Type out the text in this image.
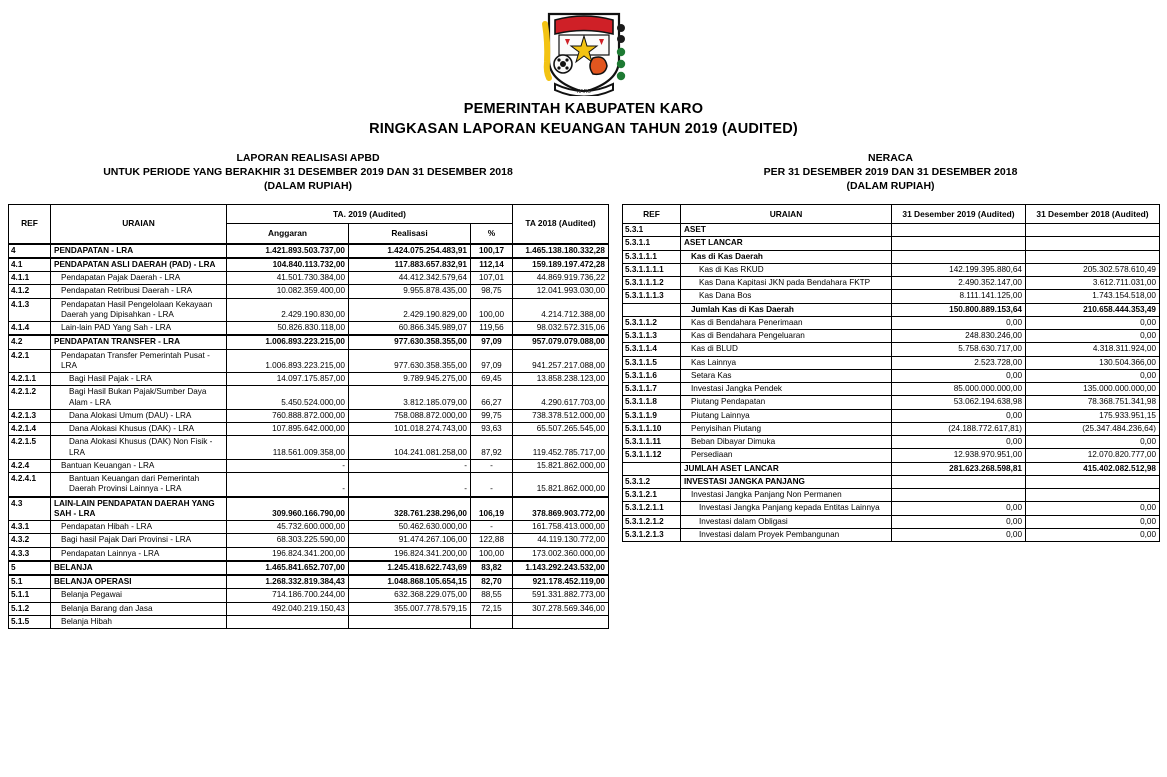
KARO
PEMERINTAH KABUPATEN KARO
RINGKASAN LAPORAN KEUANGAN TAHUN 2019 (AUDITED)
LAPORAN REALISASI APBD
UNTUK PERIODE YANG BERAKHIR 31 DESEMBER 2019 DAN 31 DESEMBER 2018
(DALAM RUPIAH)
REF	URAIAN	TA. 2019 (Audited)			TA 2018 (Audited)
		Anggaran	Realisasi	%	
4	PENDAPATAN - LRA	1.421.893.503.737,00	1.424.075.254.483,91	100,17	1.465.138.180.332,28
4.1	PENDAPATAN ASLI DAERAH (PAD) - LRA	104.840.113.732,00	117.883.657.832,91	112,14	159.189.197.472,28
4.1.1	Pendapatan Pajak Daerah - LRA	41.501.730.384,00	44.412.342.579,64	107,01	44.869.919.736,22
4.1.2	Pendapatan Retribusi Daerah - LRA	10.082.359.400,00	9.955.878.435,00	98,75	12.041.993.030,00
4.1.3	Pendapatan Hasil Pengelolaan Kekayaan Daerah yang Dipisahkan - LRA	2.429.190.830,00	2.429.190.829,00	100,00	4.214.712.388,00
4.1.4	Lain-lain PAD Yang Sah - LRA	50.826.830.118,00	60.866.345.989,07	119,56	98.032.572.315,06
4.2	PENDAPATAN TRANSFER - LRA	1.006.893.223.215,00	977.630.358.355,00	97,09	957.079.079.088,00
4.2.1	Pendapatan Transfer Pemerintah Pusat - LRA	1.006.893.223.215,00	977.630.358.355,00	97,09	941.257.217.088,00
4.2.1.1	Bagi Hasil Pajak - LRA	14.097.175.857,00	9.789.945.275,00	69,45	13.858.238.123,00
4.2.1.2	Bagi Hasil Bukan Pajak/Sumber Daya Alam - LRA	5.450.524.000,00	3.812.185.079,00	66,27	4.290.617.703,00
4.2.1.3	Dana Alokasi Umum (DAU) - LRA	760.888.872.000,00	758.088.872.000,00	99,75	738.378.512.000,00
4.2.1.4	Dana Alokasi Khusus (DAK) - LRA	107.895.642.000,00	101.018.274.743,00	93,63	65.507.265.545,00
4.2.1.5	Dana Alokasi Khusus (DAK) Non Fisik - LRA	118.561.009.358,00	104.241.081.258,00	87,92	119.452.785.717,00
4.2.4	Bantuan Keuangan - LRA	-	-	-	15.821.862.000,00
4.2.4.1	Bantuan Keuangan dari Pemerintah Daerah Provinsi Lainnya - LRA	-	-	-	15.821.862.000,00
4.3	LAIN-LAIN PENDAPATAN DAERAH YANG SAH - LRA	309.960.166.790,00	328.761.238.296,00	106,19	378.869.903.772,00
4.3.1	Pendapatan Hibah - LRA	45.732.600.000,00	50.462.630.000,00	-	161.758.413.000,00
4.3.2	Bagi hasil Pajak Dari Provinsi - LRA	68.303.225.590,00	91.474.267.106,00	122,88	44.119.130.772,00
4.3.3	Pendapatan Lainnya - LRA	196.824.341.200,00	196.824.341.200,00	100,00	173.002.360.000,00
5	BELANJA	1.465.841.652.707,00	1.245.418.622.743,69	83,82	1.143.292.243.532,00
5.1	BELANJA OPERASI	1.268.332.819.384,43	1.048.868.105.654,15	82,70	921.178.452.119,00
5.1.1	Belanja Pegawai	714.186.700.244,00	632.368.229.075,00	88,55	591.331.882.773,00
5.1.2	Belanja Barang dan Jasa	492.040.219.150,43	355.007.778.579,15	72,15	307.278.569.346,00
5.1.5	Belanja Hibah				
NERACA
PER 31 DESEMBER 2019 DAN 31 DESEMBER 2018
(DALAM RUPIAH)
REF	URAIAN	31 Desember 2019 (Audited)	31 Desember 2018 (Audited)
5.3.1	ASET		
5.3.1.1	ASET LANCAR		
5.3.1.1.1	Kas di Kas Daerah		
5.3.1.1.1.1	Kas di Kas RKUD	142.199.395.880,64	205.302.578.610,49
5.3.1.1.1.2	Kas Dana Kapitasi JKN pada Bendahara FKTP	2.490.352.147,00	3.612.711.031,00
5.3.1.1.1.3	Kas Dana Bos	8.111.141.125,00	1.743.154.518,00
	Jumlah Kas di Kas Daerah	150.800.889.153,64	210.658.444.353,49
5.3.1.1.2	Kas di Bendahara Penerimaan	0,00	0,00
5.3.1.1.3	Kas di Bendahara Pengeluaran	248.830.246,00	0,00
5.3.1.1.4	Kas di BLUD	5.758.630.717,00	4.318.311.924,00
5.3.1.1.5	Kas Lainnya	2.523.728,00	130.504.366,00
5.3.1.1.6	Setara Kas	0,00	0,00
5.3.1.1.7	Investasi Jangka Pendek	85.000.000.000,00	135.000.000.000,00
5.3.1.1.8	Piutang Pendapatan	53.062.194.638,98	78.368.751.341,98
5.3.1.1.9	Piutang Lainnya	0,00	175.933.951,15
5.3.1.1.10	Penyisihan Piutang	(24.188.772.617,81)	(25.347.484.236,64)
5.3.1.1.11	Beban Dibayar Dimuka	0,00	0,00
5.3.1.1.12	Persediaan	12.938.970.951,00	12.070.820.777,00
	JUMLAH ASET LANCAR	281.623.268.598,81	415.402.082.512,98
5.3.1.2	INVESTASI JANGKA PANJANG		
5.3.1.2.1	Investasi Jangka Panjang Non Permanen		
5.3.1.2.1.1	Investasi Jangka Panjang kepada Entitas Lainnya	0,00	0,00
5.3.1.2.1.2	Investasi dalam Obligasi	0,00	0,00
5.3.1.2.1.3	Investasi dalam Proyek Pembangunan	0,00	0,00
